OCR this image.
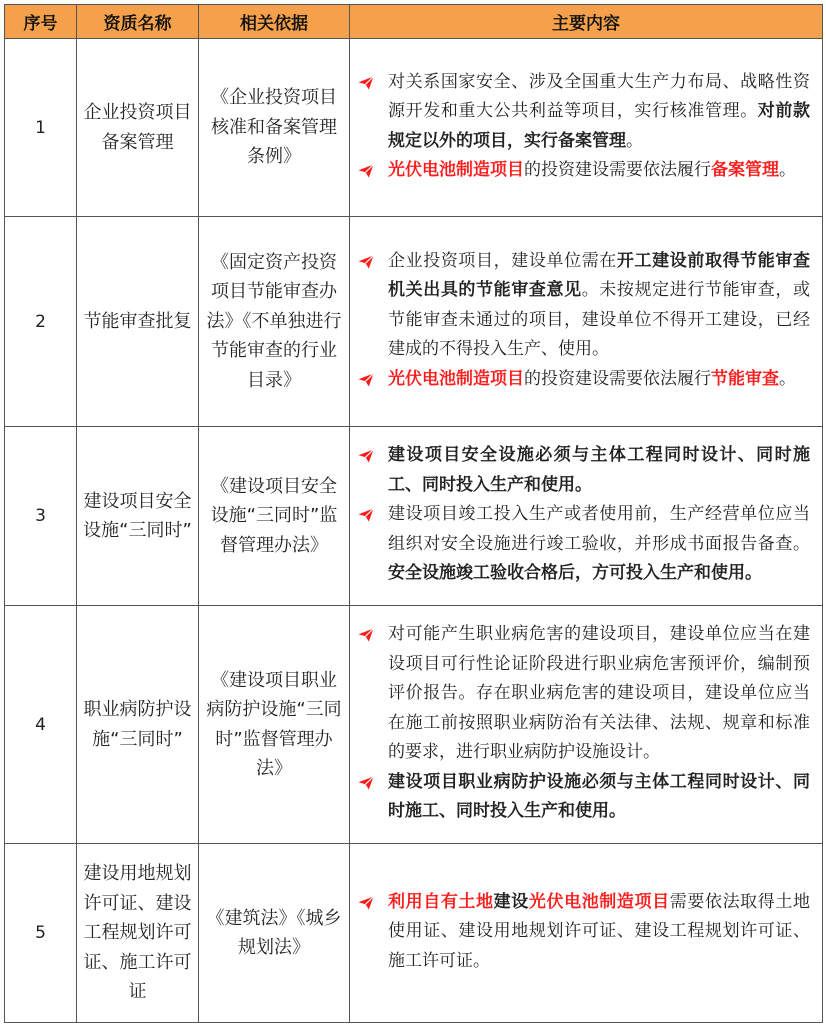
序号	资质名称	相关依据	主要内容
1	企业投资项目备案管理	《企业投资项目核准和备案管理条例》	对关系国家安全、涉及全国重大生产力布局、战略性资源开发和重大公共利益等项目，实行核准管理。对前款规定以外的项目，实行备案管理。
光伏电池制造项目的投资建设需要依法履行备案管理。

2	节能审查批复	《固定资产投资项目节能审查办法》《不单独进行节能审查的行业目录》	企业投资项目，建设单位需在开工建设前取得节能审查机关出具的节能审查意见。未按规定进行节能审查，或节能审查未通过的项目，建设单位不得开工建设，已经建成的不得投入生产、使用。
光伏电池制造项目的投资建设需要依法履行节能审查。

3	建设项目安全设施“三同时”	《建设项目安全设施“三同时”监督管理办法》	建设项目安全设施必须与主体工程同时设计、同时施工、同时投入生产和使用。
建设项目竣工投入生产或者使用前，生产经营单位应当组织对安全设施进行竣工验收，并形成书面报告备查。安全设施竣工验收合格后，方可投入生产和使用。

4	职业病防护设施“三同时”	《建设项目职业病防护设施“三同时”监督管理办法》	对可能产生职业病危害的建设项目，建设单位应当在建设项目可行性论证阶段进行职业病危害预评价，编制预评价报告。存在职业病危害的建设项目，建设单位应当在施工前按照职业病防治有关法律、法规、规章和标准的要求，进行职业病防护设施设计。
建设项目职业病防护设施必须与主体工程同时设计、同时施工、同时投入生产和使用。

5	建设用地规划许可证、建设工程规划许可证、施工许可证	《建筑法》《城乡规划法》	利用自有土地建设光伏电池制造项目需要依法取得土地使用证、建设用地规划许可证、建设工程规划许可证、施工许可证。
